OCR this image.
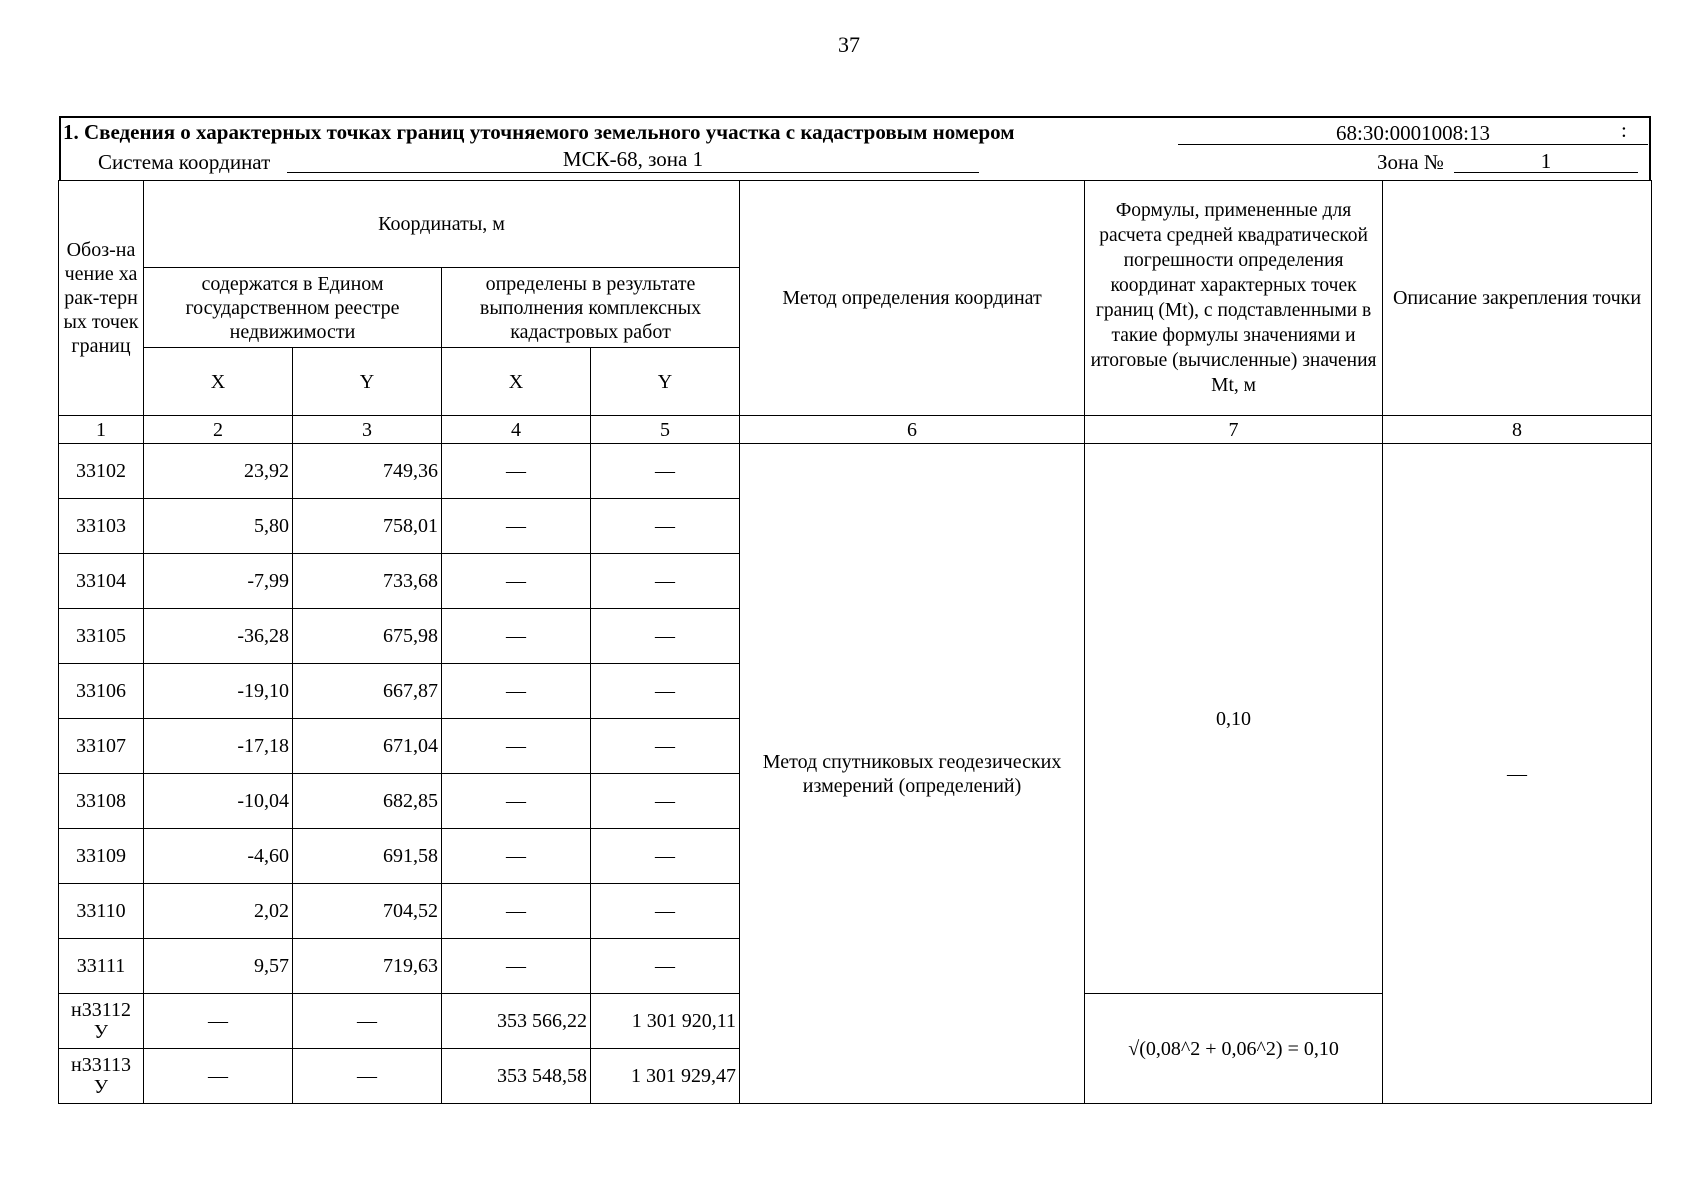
37
1. Сведения о характерных точках границ уточняемого земельного участка с кадастровым номером	68:30:0001008:13
Система координат	МСК-68, зона 1	Зона №	1
:
Обоз-начение харак-терных точек границ	Координаты, м				Метод определения координат	Формулы, примененные для расчета средней квадратической погрешности определения координат характерных точек границ (Mt), с подставленными в такие формулы значениями и итоговые (вычисленные) значения Mt, м	Описание закрепления точки
	содержатся в Едином государственном реестре недвижимости		определены в результате выполнения комплексных кадастровых работ				
	X	Y	X	Y			
1	2	3	4	5	6	7	8
33102	23,92	749,36	—	—	Метод спутниковых геодезических измерений (определений)	0,10	—
33103	5,80	758,01	—	—			
33104	-7,99	733,68	—	—			
33105	-36,28	675,98	—	—			
33106	-19,10	667,87	—	—			
33107	-17,18	671,04	—	—			
33108	-10,04	682,85	—	—			
33109	-4,60	691,58	—	—			
33110	2,02	704,52	—	—			
33111	9,57	719,63	—	—			
н33112 У	—	—	353 566,22	1 301 920,11		√(0,08^2 + 0,06^2) = 0,10	
н33113 У	—	—	353 548,58	1 301 929,47			
